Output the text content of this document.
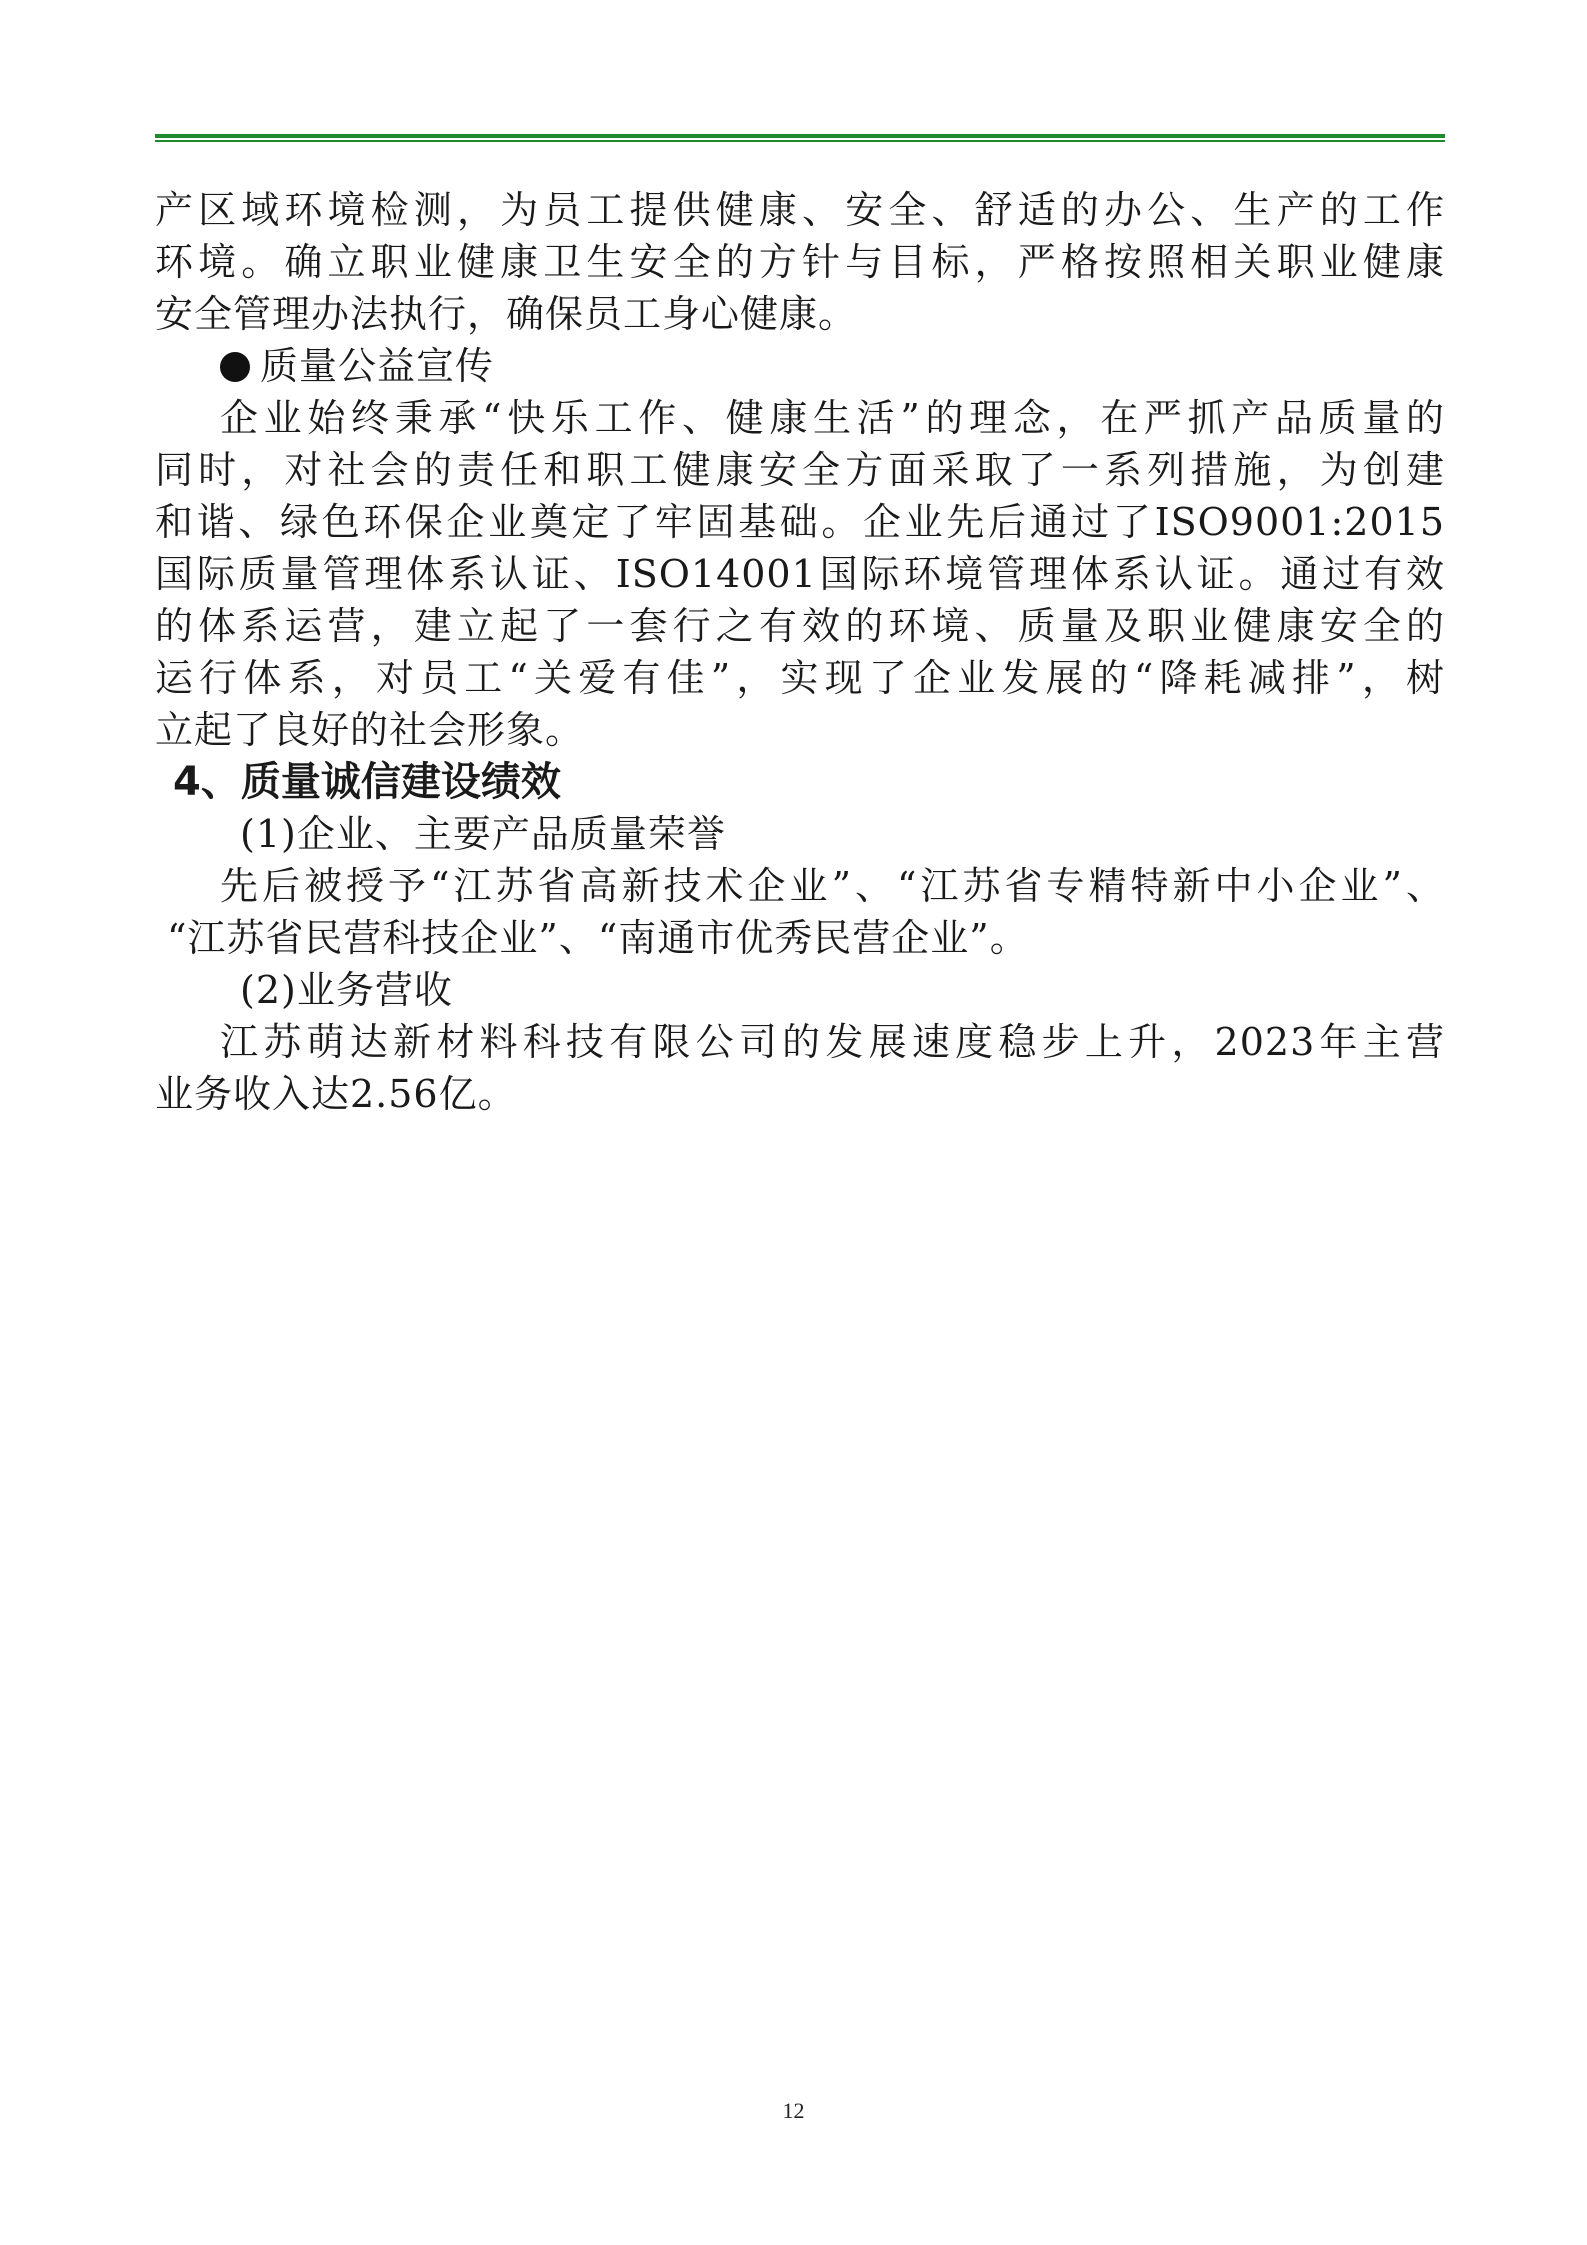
产区域环境检测，为员工提供健康、安全、舒适的办公、生产的工作
环境。确立职业健康卫生安全的方针与目标，严格按照相关职业健康
安全管理办法执行，确保员工身心健康。
质量公益宣传
企业始终秉承“快乐工作、健康生活”的理念，在严抓产品质量的
同时，对社会的责任和职工健康安全方面采取了一系列措施，为创建
和谐、绿色环保企业奠定了牢固基础。企业先后通过了ISO9001:2015
国际质量管理体系认证、ISO14001国际环境管理体系认证。通过有效
的体系运营，建立起了一套行之有效的环境、质量及职业健康安全的
运行体系，对员工“关爱有佳”，实现了企业发展的“降耗减排”，树
立起了良好的社会形象。
4、质量诚信建设绩效
(1)企业、主要产品质量荣誉
先后被授予“江苏省高新技术企业”、“江苏省专精特新中小企业”、
“江苏省民营科技企业”、“南通市优秀民营企业”。
(2)业务营收
江苏萌达新材料科技有限公司的发展速度稳步上升，2023年主营
业务收入达2.56亿。
12
